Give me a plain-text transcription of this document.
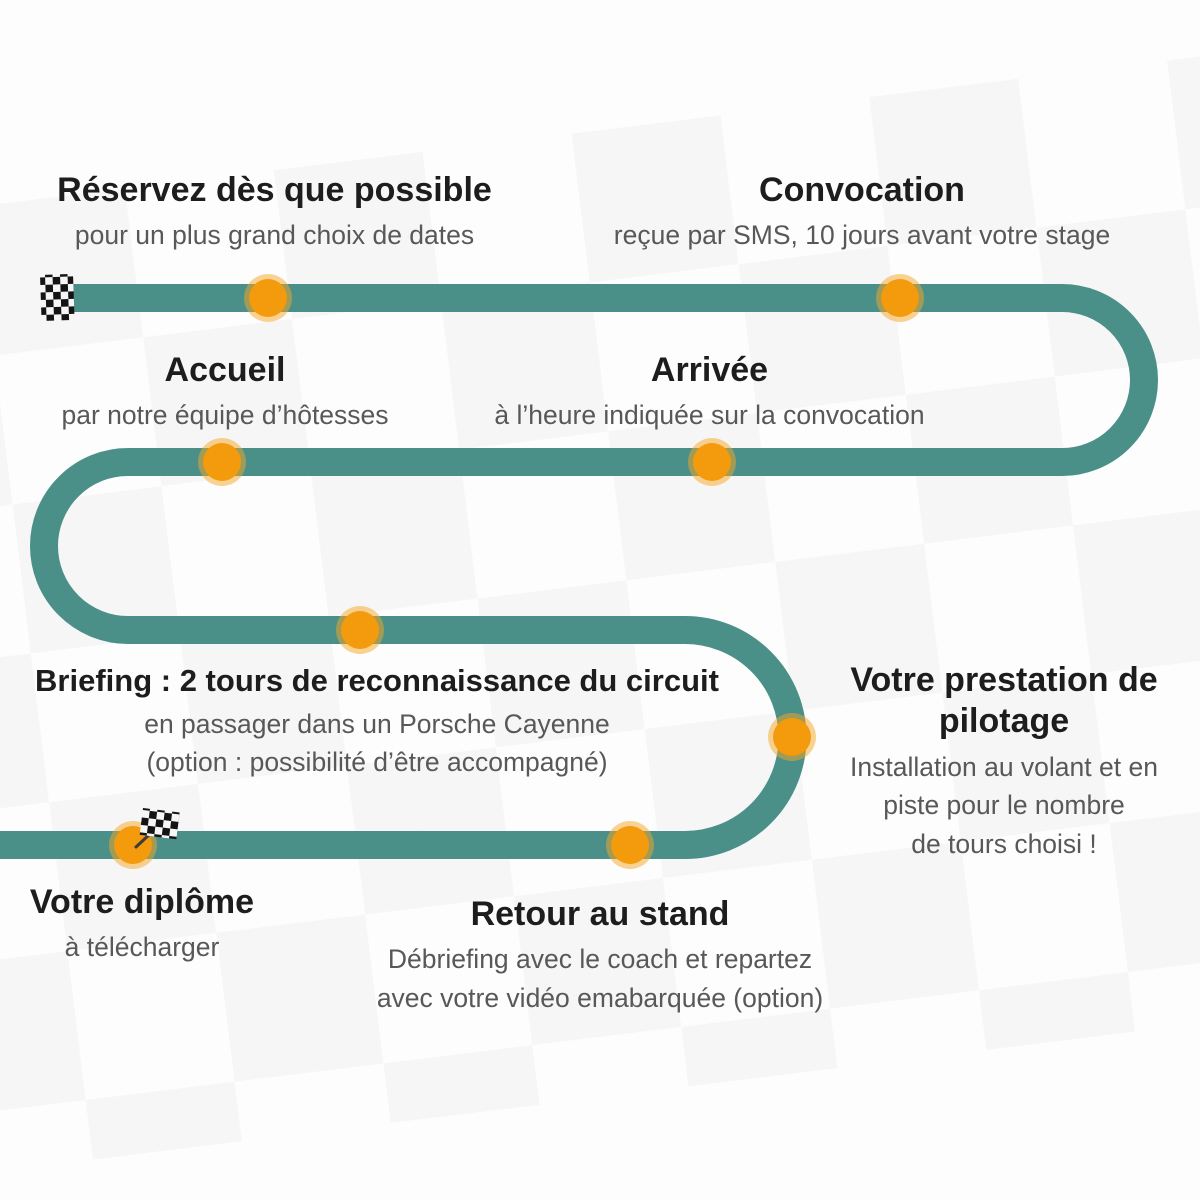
Réservez dès que possible
pour un plus grand choix de dates
Convocation
reçue par SMS, 10 jours avant votre stage
Accueil
par notre équipe d’hôtesses
Arrivée
à l’heure indiquée sur la convocation
Briefing : 2 tours de reconnaissance du circuit
en passager dans un Porsche Cayenne
(option : possibilité d’être accompagné)
Votre prestation de
pilotage
Installation au volant et en
piste pour le nombre
de tours choisi !
Votre diplôme
à télécharger
Retour au stand
Débriefing avec le coach et repartez
avec votre vidéo emabarquée (option)
